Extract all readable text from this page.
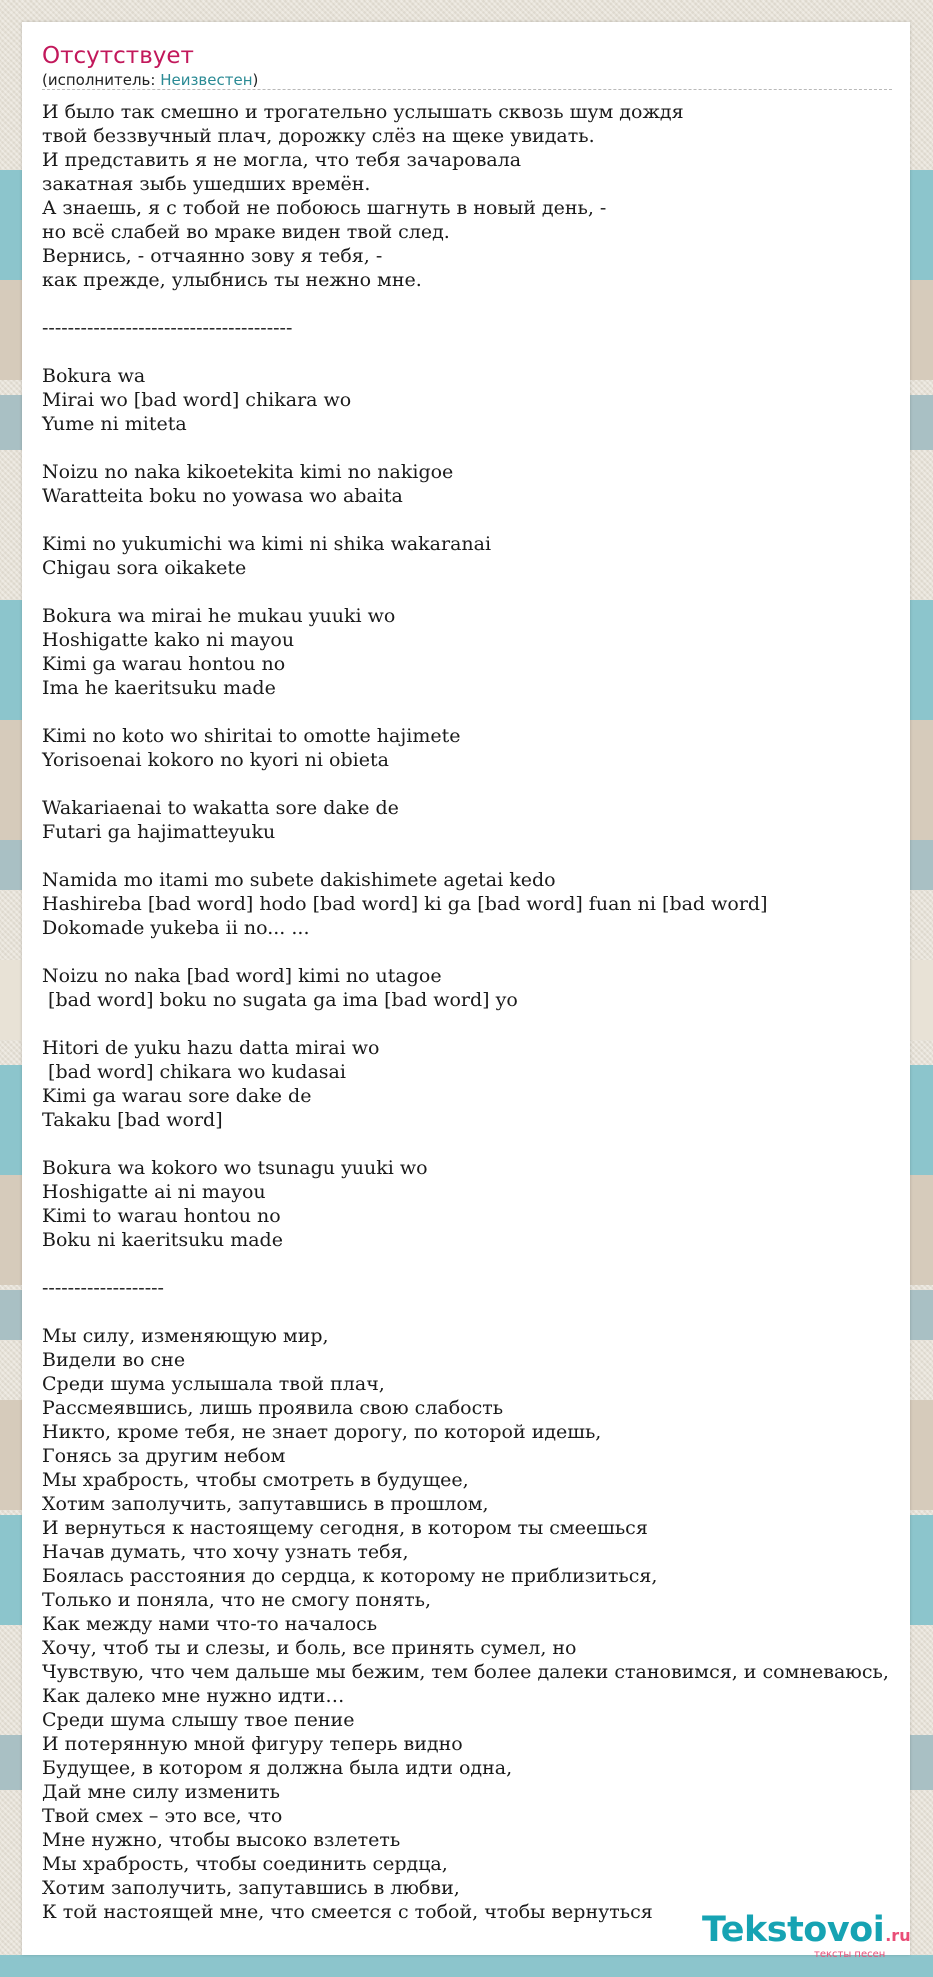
Отсутствует
(исполнитель: Неизвестен)
И было так смешно и трогательно услышать сквозь шум дождя
твой беззвучный плач, дорожку слёз на щеке увидать.
И представить я не могла, что тебя зачаровала
закатная зыбь ушедших времён.
А знаешь, я с тобой не побоюсь шагнуть в новый день, -
но всё слабей во мраке виден твой след.
Вернись, - отчаянно зову я тебя, -
как прежде, улыбнись ты нежно мне.
---------------------------------------
Bokura wa
Mirai wo [bad word] chikara wo
Yume ni miteta
Noizu no naka kikoetekita kimi no nakigoe
Waratteita boku no yowasa wo abaita
Kimi no yukumichi wa kimi ni shika wakaranai
Chigau sora oikakete
Bokura wa mirai he mukau yuuki wo
Hoshigatte kako ni mayou
Kimi ga warau hontou no
Ima he kaeritsuku made
Kimi no koto wo shiritai to omotte hajimete
Yorisoenai kokoro no kyori ni obieta
Wakariaenai to wakatta sore dake de
Futari ga hajimatteyuku
Namida mo itami mo subete dakishimete agetai kedo
Hashireba [bad word] hodo [bad word] ki ga [bad word] fuan ni [bad word]
Dokomade yukeba ii no... ...
Noizu no naka [bad word] kimi no utagoe
[bad word] boku no sugata ga ima [bad word] yo
Hitori de yuku hazu datta mirai wo
[bad word] chikara wo kudasai
Kimi ga warau sore dake de
Takaku [bad word]
Bokura wa kokoro wo tsunagu yuuki wo
Hoshigatte ai ni mayou
Kimi to warau hontou no
Boku ni kaeritsuku made
-------------------
Мы силу, изменяющую мир,
Видели во сне
Среди шума услышала твой плач,
Рассмеявшись, лишь проявила свою слабость
Никто, кроме тебя, не знает дорогу, по которой идешь,
Гонясь за другим небом
Мы храбрость, чтобы смотреть в будущее,
Хотим заполучить, запутавшись в прошлом,
И вернуться к настоящему сегодня, в котором ты смеешься
Начав думать, что хочу узнать тебя,
Боялась расстояния до сердца, к которому не приблизиться,
Только и поняла, что не смогу понять,
Как между нами что-то началось
Хочу, чтоб ты и слезы, и боль, все принять сумел, но
Чувствую, что чем дальше мы бежим, тем более далеки становимся, и сомневаюсь,
Как далеко мне нужно идти…
Среди шума слышу твое пение
И потерянную мной фигуру теперь видно
Будущее, в котором я должна была идти одна,
Дай мне силу изменить
Твой смех – это все, что
Мне нужно, чтобы высоко взлететь
Мы храбрость, чтобы соединить сердца,
Хотим заполучить, запутавшись в любви,
К той настоящей мне, что смеется с тобой, чтобы вернуться	Tekstovoi.ru
тексты песен
